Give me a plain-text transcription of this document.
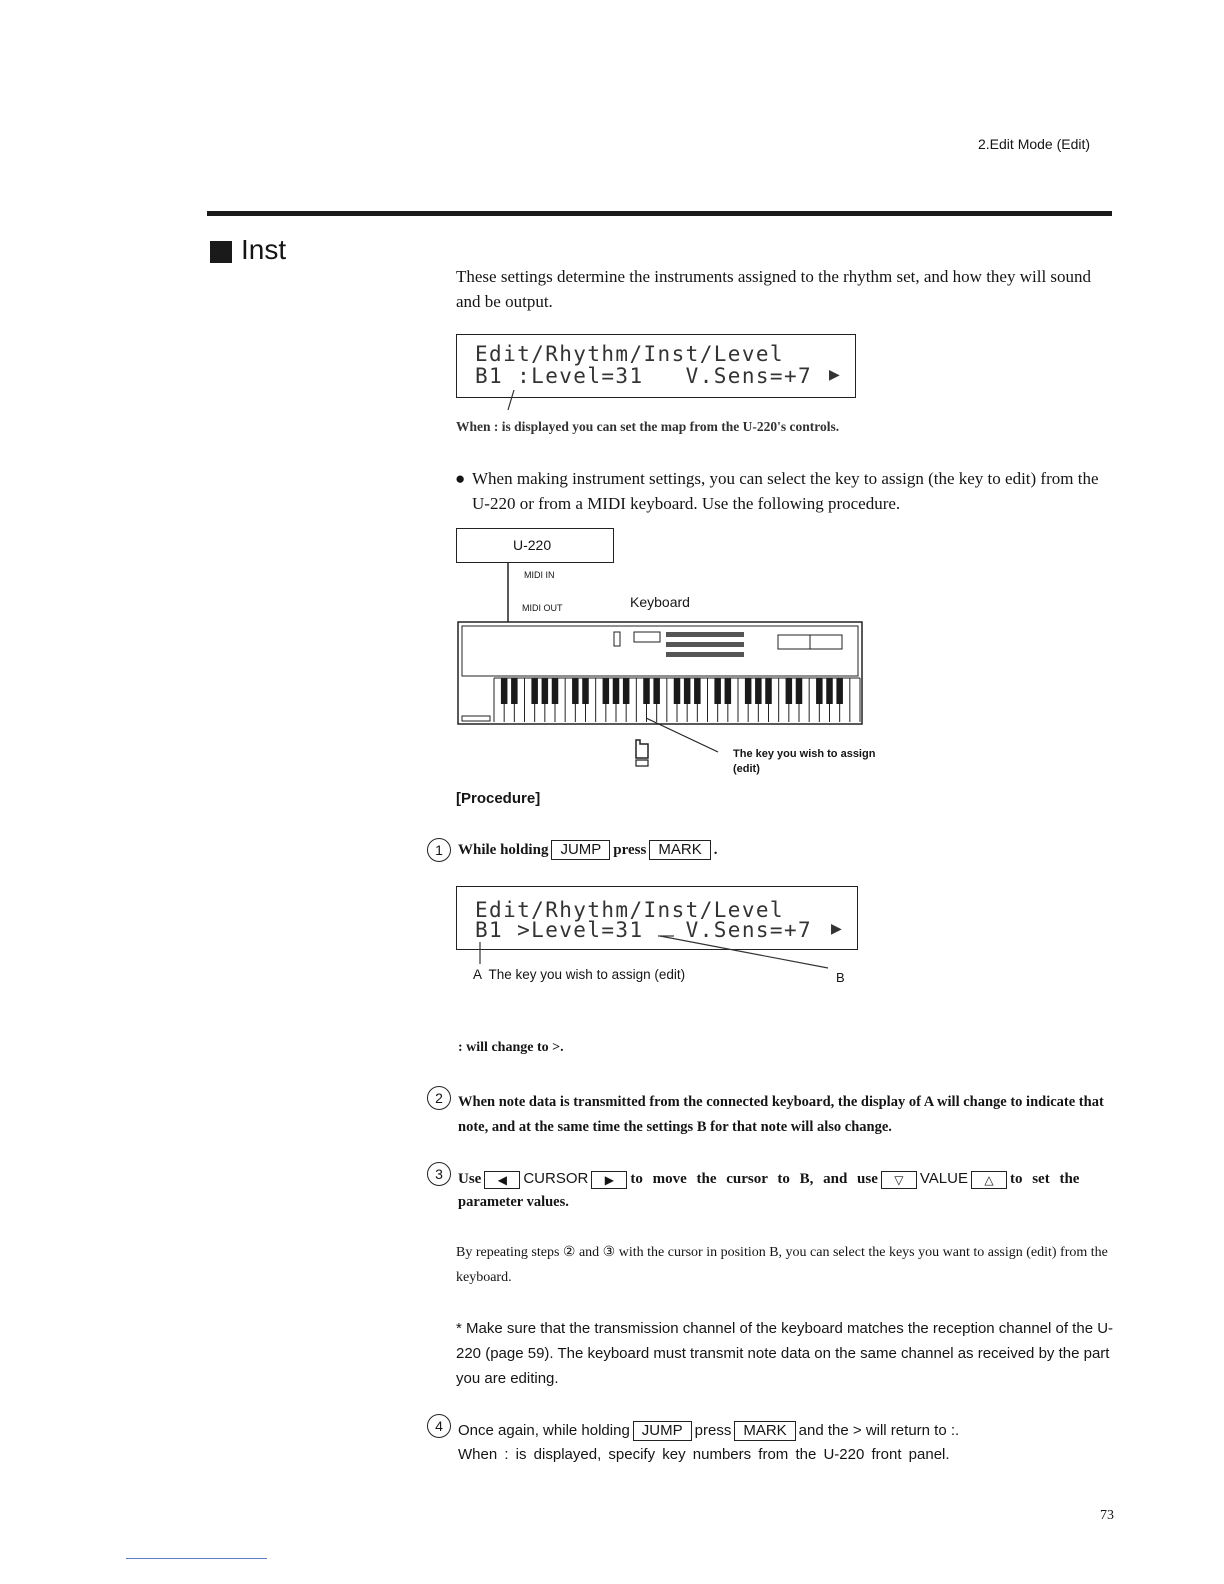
2.Edit Mode (Edit)
Inst
These settings determine the instruments assigned to the rhythm set, and how they will sound and be output.
Edit/Rhythm/Inst/Level
B1 :Level=31   V.Sens=+7 ▶
When : is displayed you can set the map from the U-220's controls.
● When making instrument settings, you can select the key to assign (the key to edit) from the U-220 or from a MIDI keyboard. Use the following procedure.
U-220
MIDI IN
MIDI OUT	Keyboard
The key you wish to assign
(edit)
[Procedure]
1	While holding JUMP press MARK .
Edit/Rhythm/Inst/Level
B1 >Level=31   V.Sens=+7 ▶
A  The key you wish to assign (edit)	B
: will change to >.
2	When note data is transmitted from the connected keyboard, the display of A will change to indicate that note, and at the same time the settings B for that note will also change.
3	Use ◀ CURSOR ▶ to move the cursor to B, and use ▽ VALUE △ to set the
parameter values.
By repeating steps ② and ③ with the cursor in position B, you can select the keys you want to assign (edit) from the keyboard.
* Make sure that the transmission channel of the keyboard matches the reception channel of the U-220 (page 59). The keyboard must transmit note data on the same channel as received by the part you are editing.
4	Once again, while holding JUMP press MARK and the > will return to :.
When : is displayed, specify key numbers from the U-220 front panel.
73
